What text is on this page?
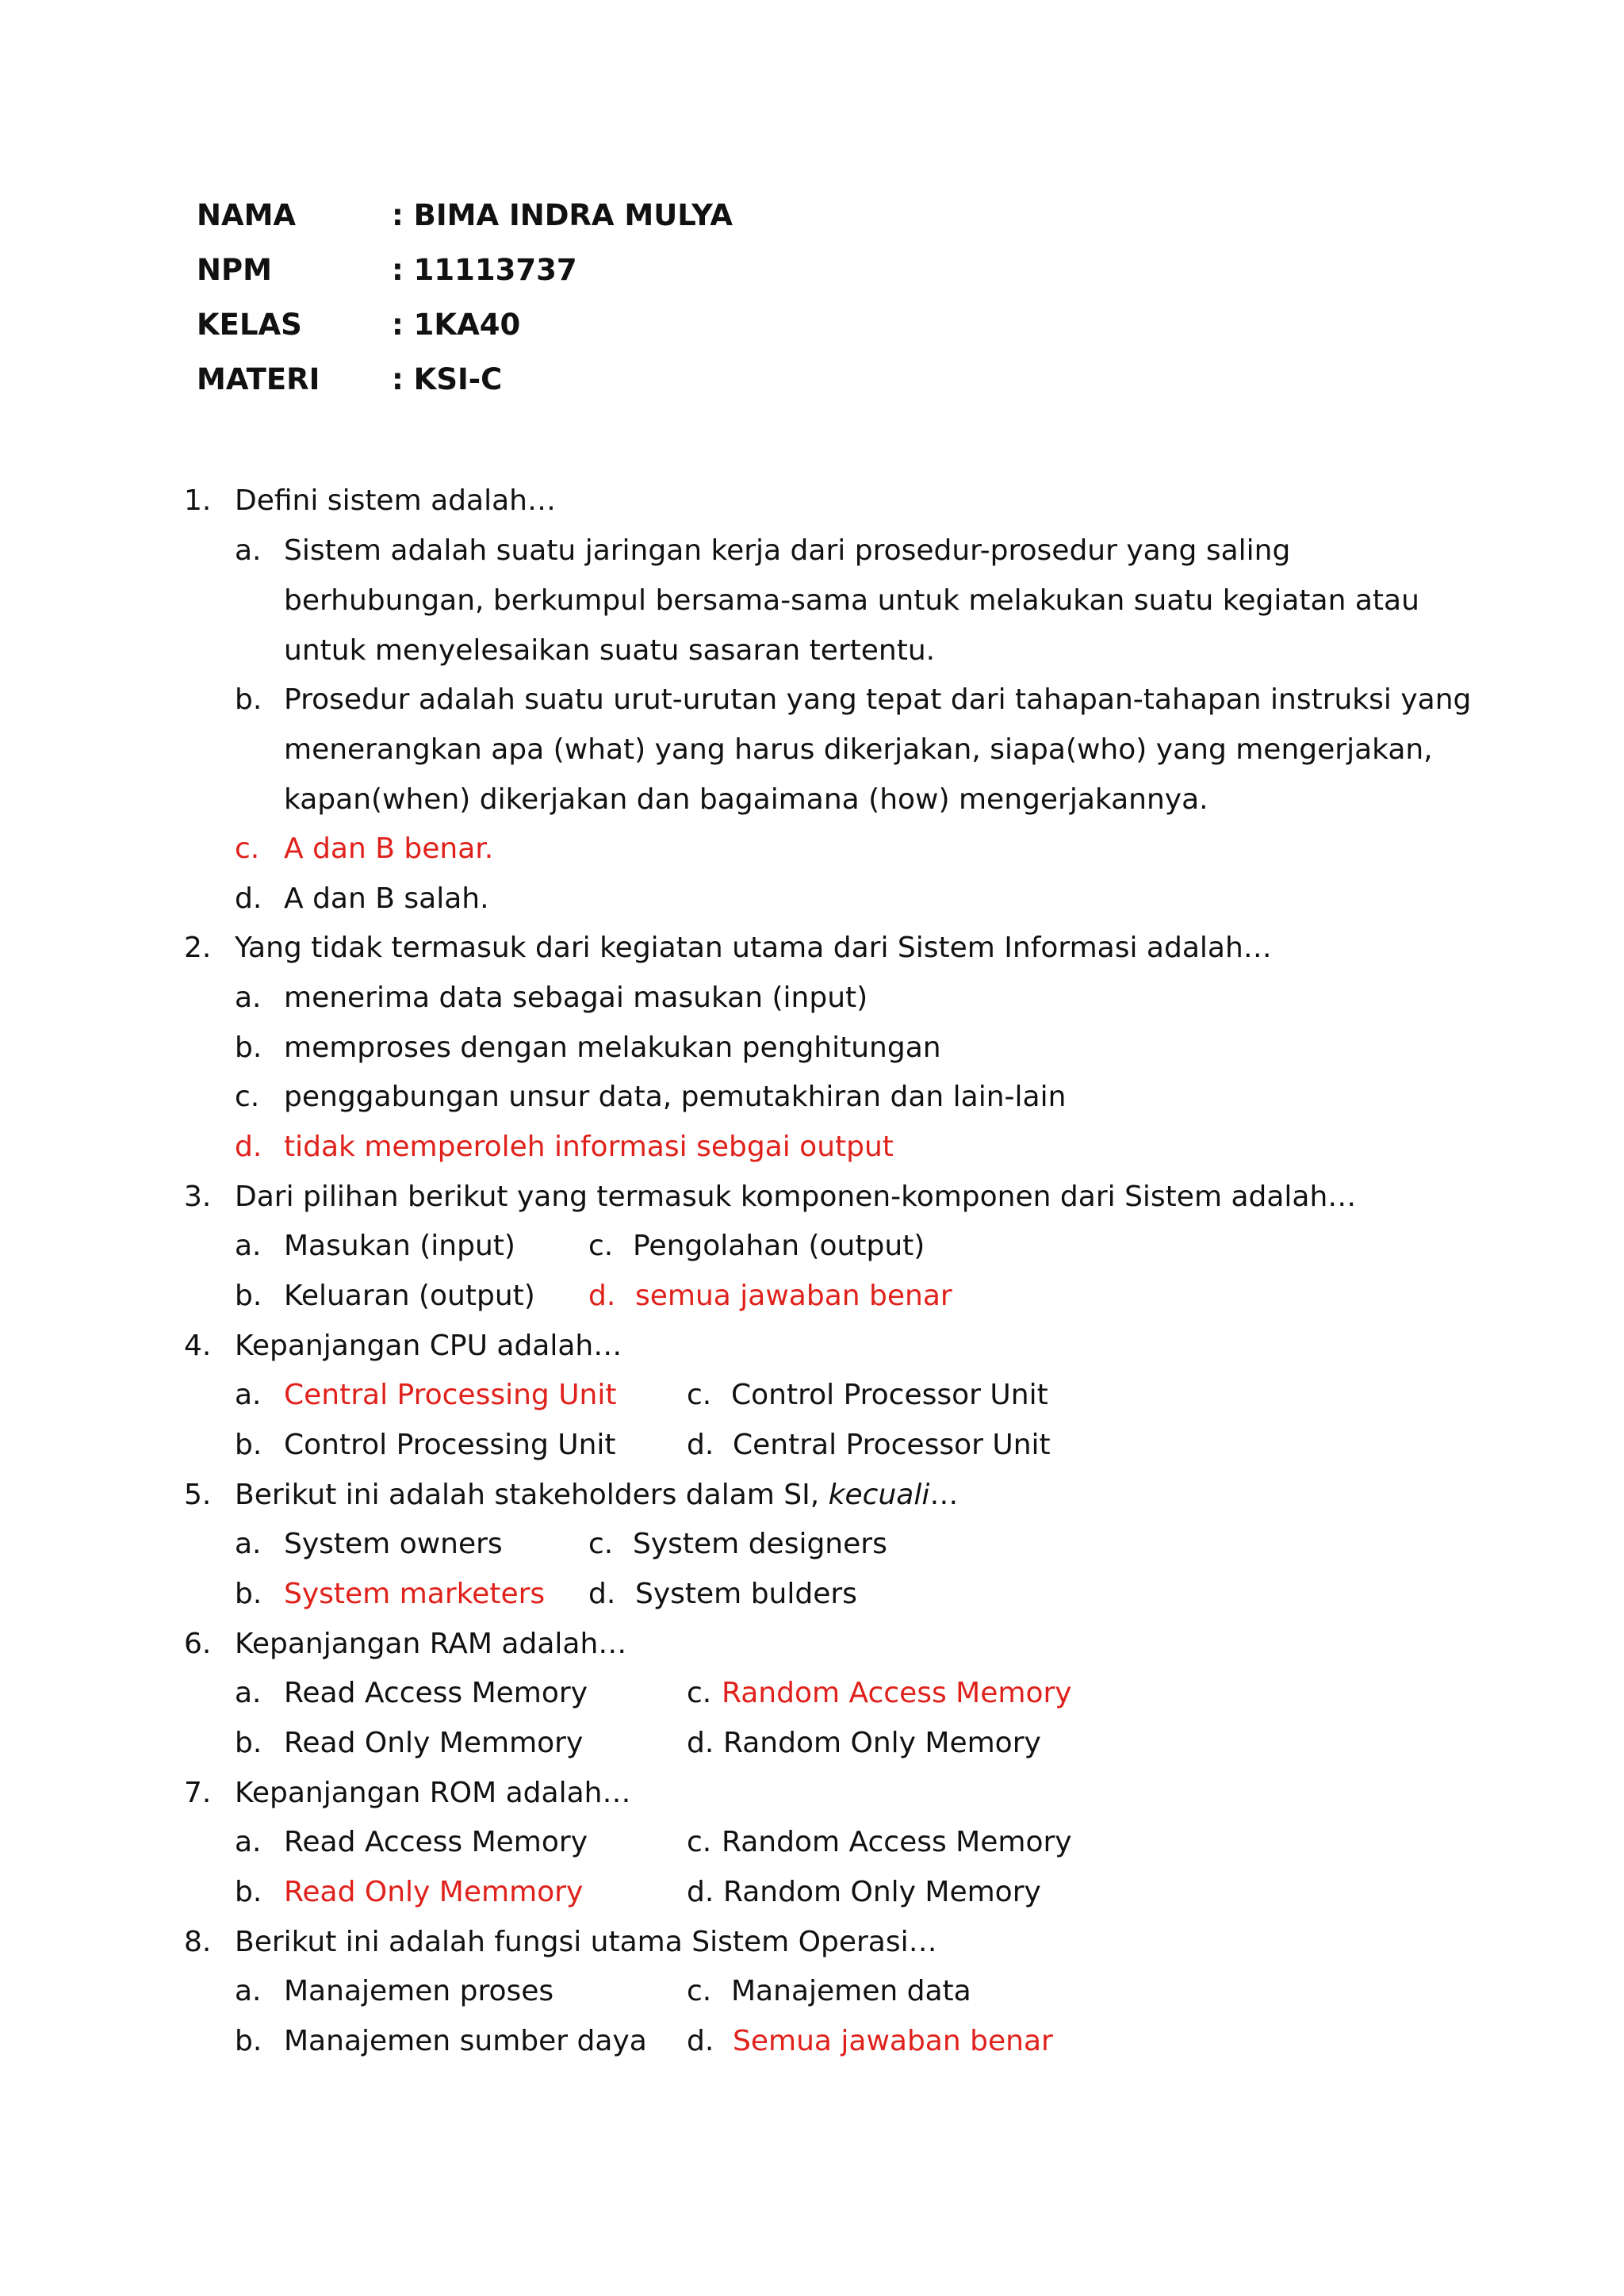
NAMA	: BIMA INDRA MULYA
NPM	: 11113737
KELAS	: 1KA40
MATERI : KSI-C
1. Defini sistem adalah…
a. Sistem adalah suatu jaringan kerja dari prosedur-prosedur yang saling
berhubungan, berkumpul bersama-sama untuk melakukan suatu kegiatan atau
untuk menyelesaikan suatu sasaran tertentu.
b. Prosedur adalah suatu urut-urutan yang tepat dari tahapan-tahapan instruksi yang
menerangkan apa (what) yang harus dikerjakan, siapa(who) yang mengerjakan,
kapan(when) dikerjakan dan bagaimana (how) mengerjakannya.
c. A dan B benar.
d. A dan B salah.
2. Yang tidak termasuk dari kegiatan utama dari Sistem Informasi adalah…
a. menerima data sebagai masukan (input)
b. memproses dengan melakukan penghitungan
c. penggabungan unsur data, pemutakhiran dan lain-lain
d. tidak memperoleh informasi sebgai output
3. Dari pilihan berikut yang termasuk komponen-komponen dari Sistem adalah…
a. Masukan (input)	c. Pengolahan (output)
b. Keluaran (output) d. semua jawaban benar
4. Kepanjangan CPU adalah…
a. Central Processing Unit c. Control Processor Unit
b. Control Processing Unit d. Central Processor Unit
5. Berikut ini adalah stakeholders dalam SI, kecuali…
a. System owners	c. System designers
b. System marketers d. System bulders
6. Kepanjangan RAM adalah…
a. Read Access Memory	c. Random Access Memory
b. Read Only Memmory	d. Random Only Memory
7. Kepanjangan ROM adalah…
a. Read Access Memory	c. Random Access Memory
b. Read Only Memmory	d. Random Only Memory
8. Berikut ini adalah fungsi utama Sistem Operasi…
a. Manajemen proses	c. Manajemen data
b. Manajemen sumber daya d. Semua jawaban benar
